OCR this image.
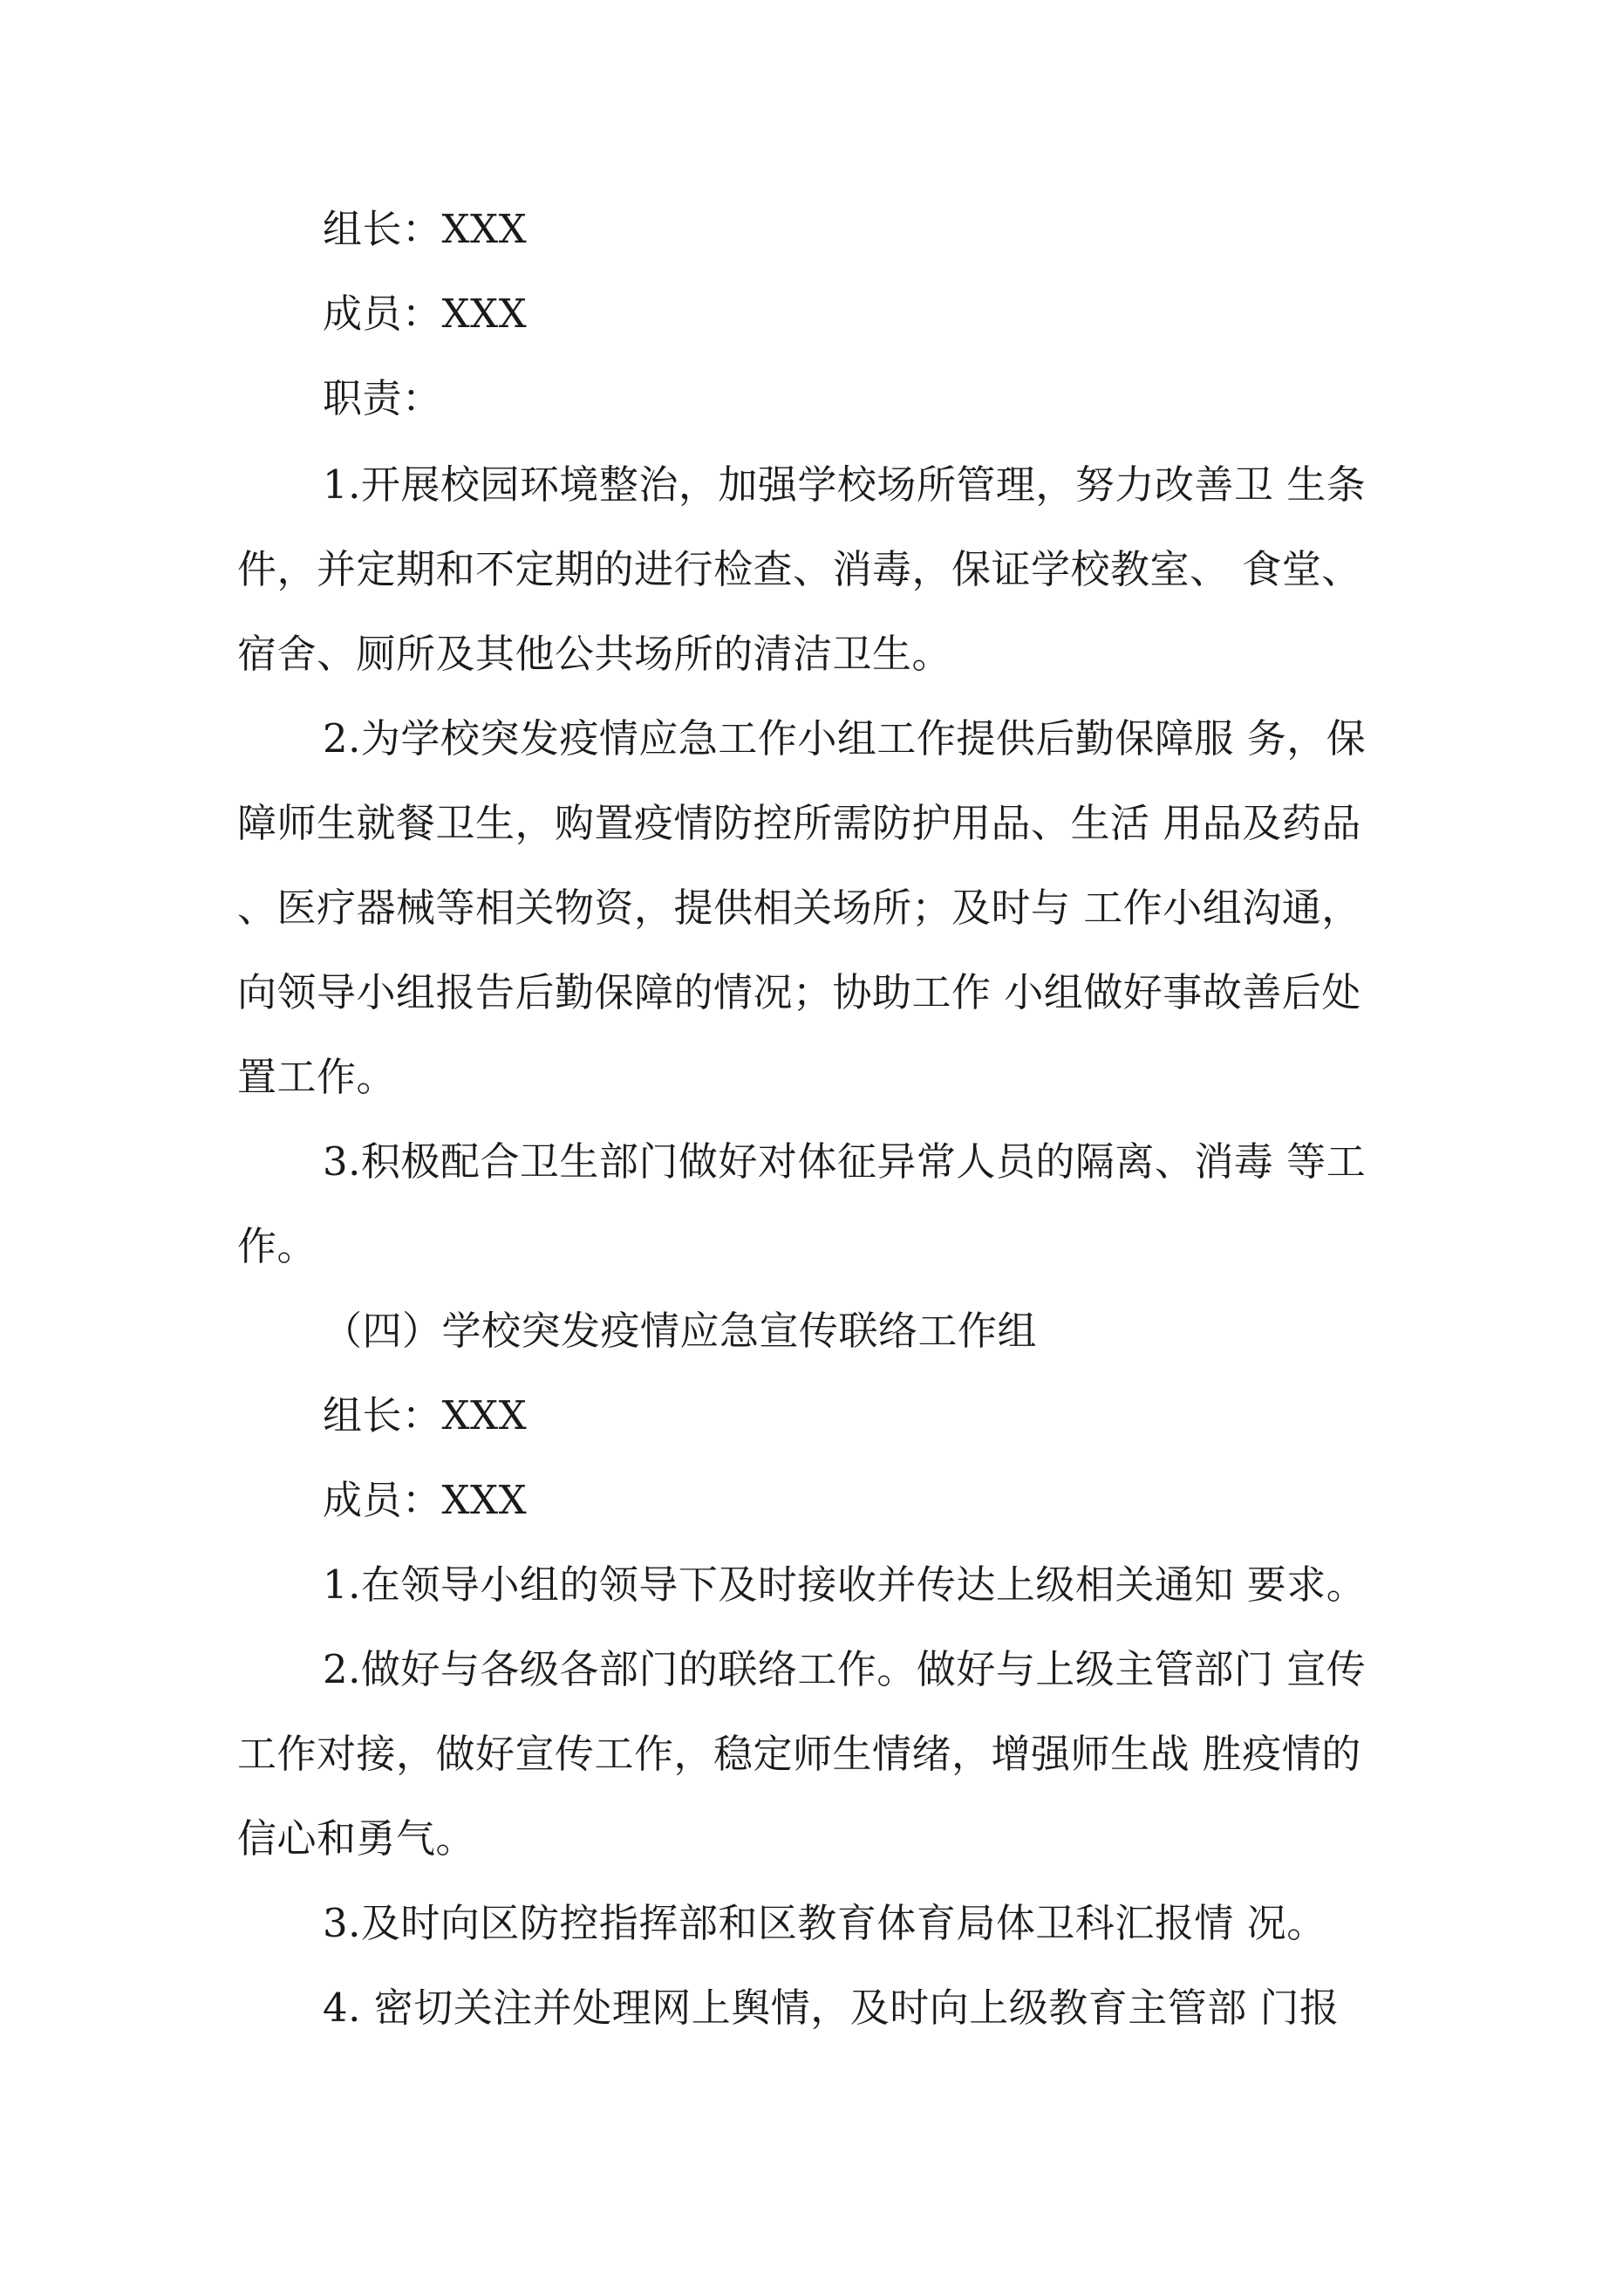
组长：XXX
成员：XXX
职责：
1.开展校园环境整治，加强学校场所管理，努力改善卫 生条
件，并定期和不定期的进行检查、消毒，保证学校教室、 食堂、
宿舍、厕所及其他公共场所的清洁卫生。
2.为学校突发疫情应急工作小组工作提供后勤保障服 务，保
障师生就餐卫生，购置疫情防控所需防护用品、生活 用品及药品
、医疗器械等相关物资，提供相关场所；及时与 工作小组沟通，
向领导小组报告后勤保障的情况；协助工作 小组做好事故善后处
置工作。
3.积极配合卫生部门做好对体征异常人员的隔离、消毒 等工
作。
（四）学校突发疫情应急宣传联络工作组
组长：XXX
成员：XXX
1.在领导小组的领导下及时接收并传达上级相关通知 要求。
2.做好与各级各部门的联络工作。做好与上级主管部门 宣传
工作对接，做好宣传工作，稳定师生情绪，增强师生战 胜疫情的
信心和勇气。
3.及时向区防控指挥部和区教育体育局体卫科汇报情 况。
4. 密切关注并处理网上舆情，及时向上级教育主管部 门报
